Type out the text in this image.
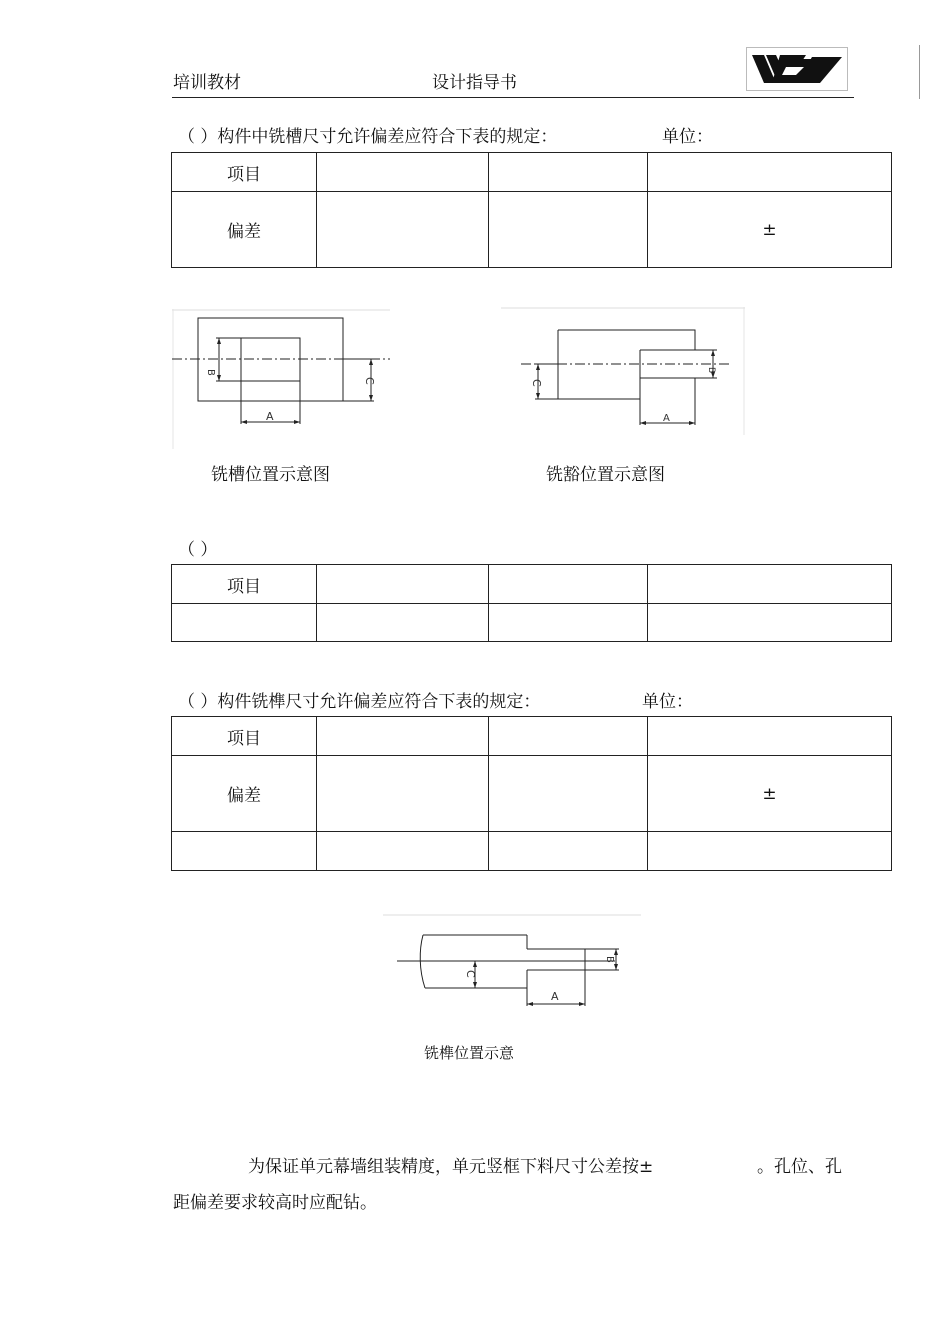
培训教材	设计指导书
（ ）构件中铣槽尺寸允许偏差应符合下表的规定：	单位：
项目			
偏差			±
B
C
A
铣槽位置示意图
C
B
A
铣豁位置示意图
（ ）
项目			

（ ）构件铣榫尺寸允许偏差应符合下表的规定：	单位：
项目			
偏差			±

C
B
A
铣榫位置示意
为保证单元幕墙组装精度，单元竖框下料尺寸公差按±	。孔位、孔
距偏差要求较高时应配钻。
